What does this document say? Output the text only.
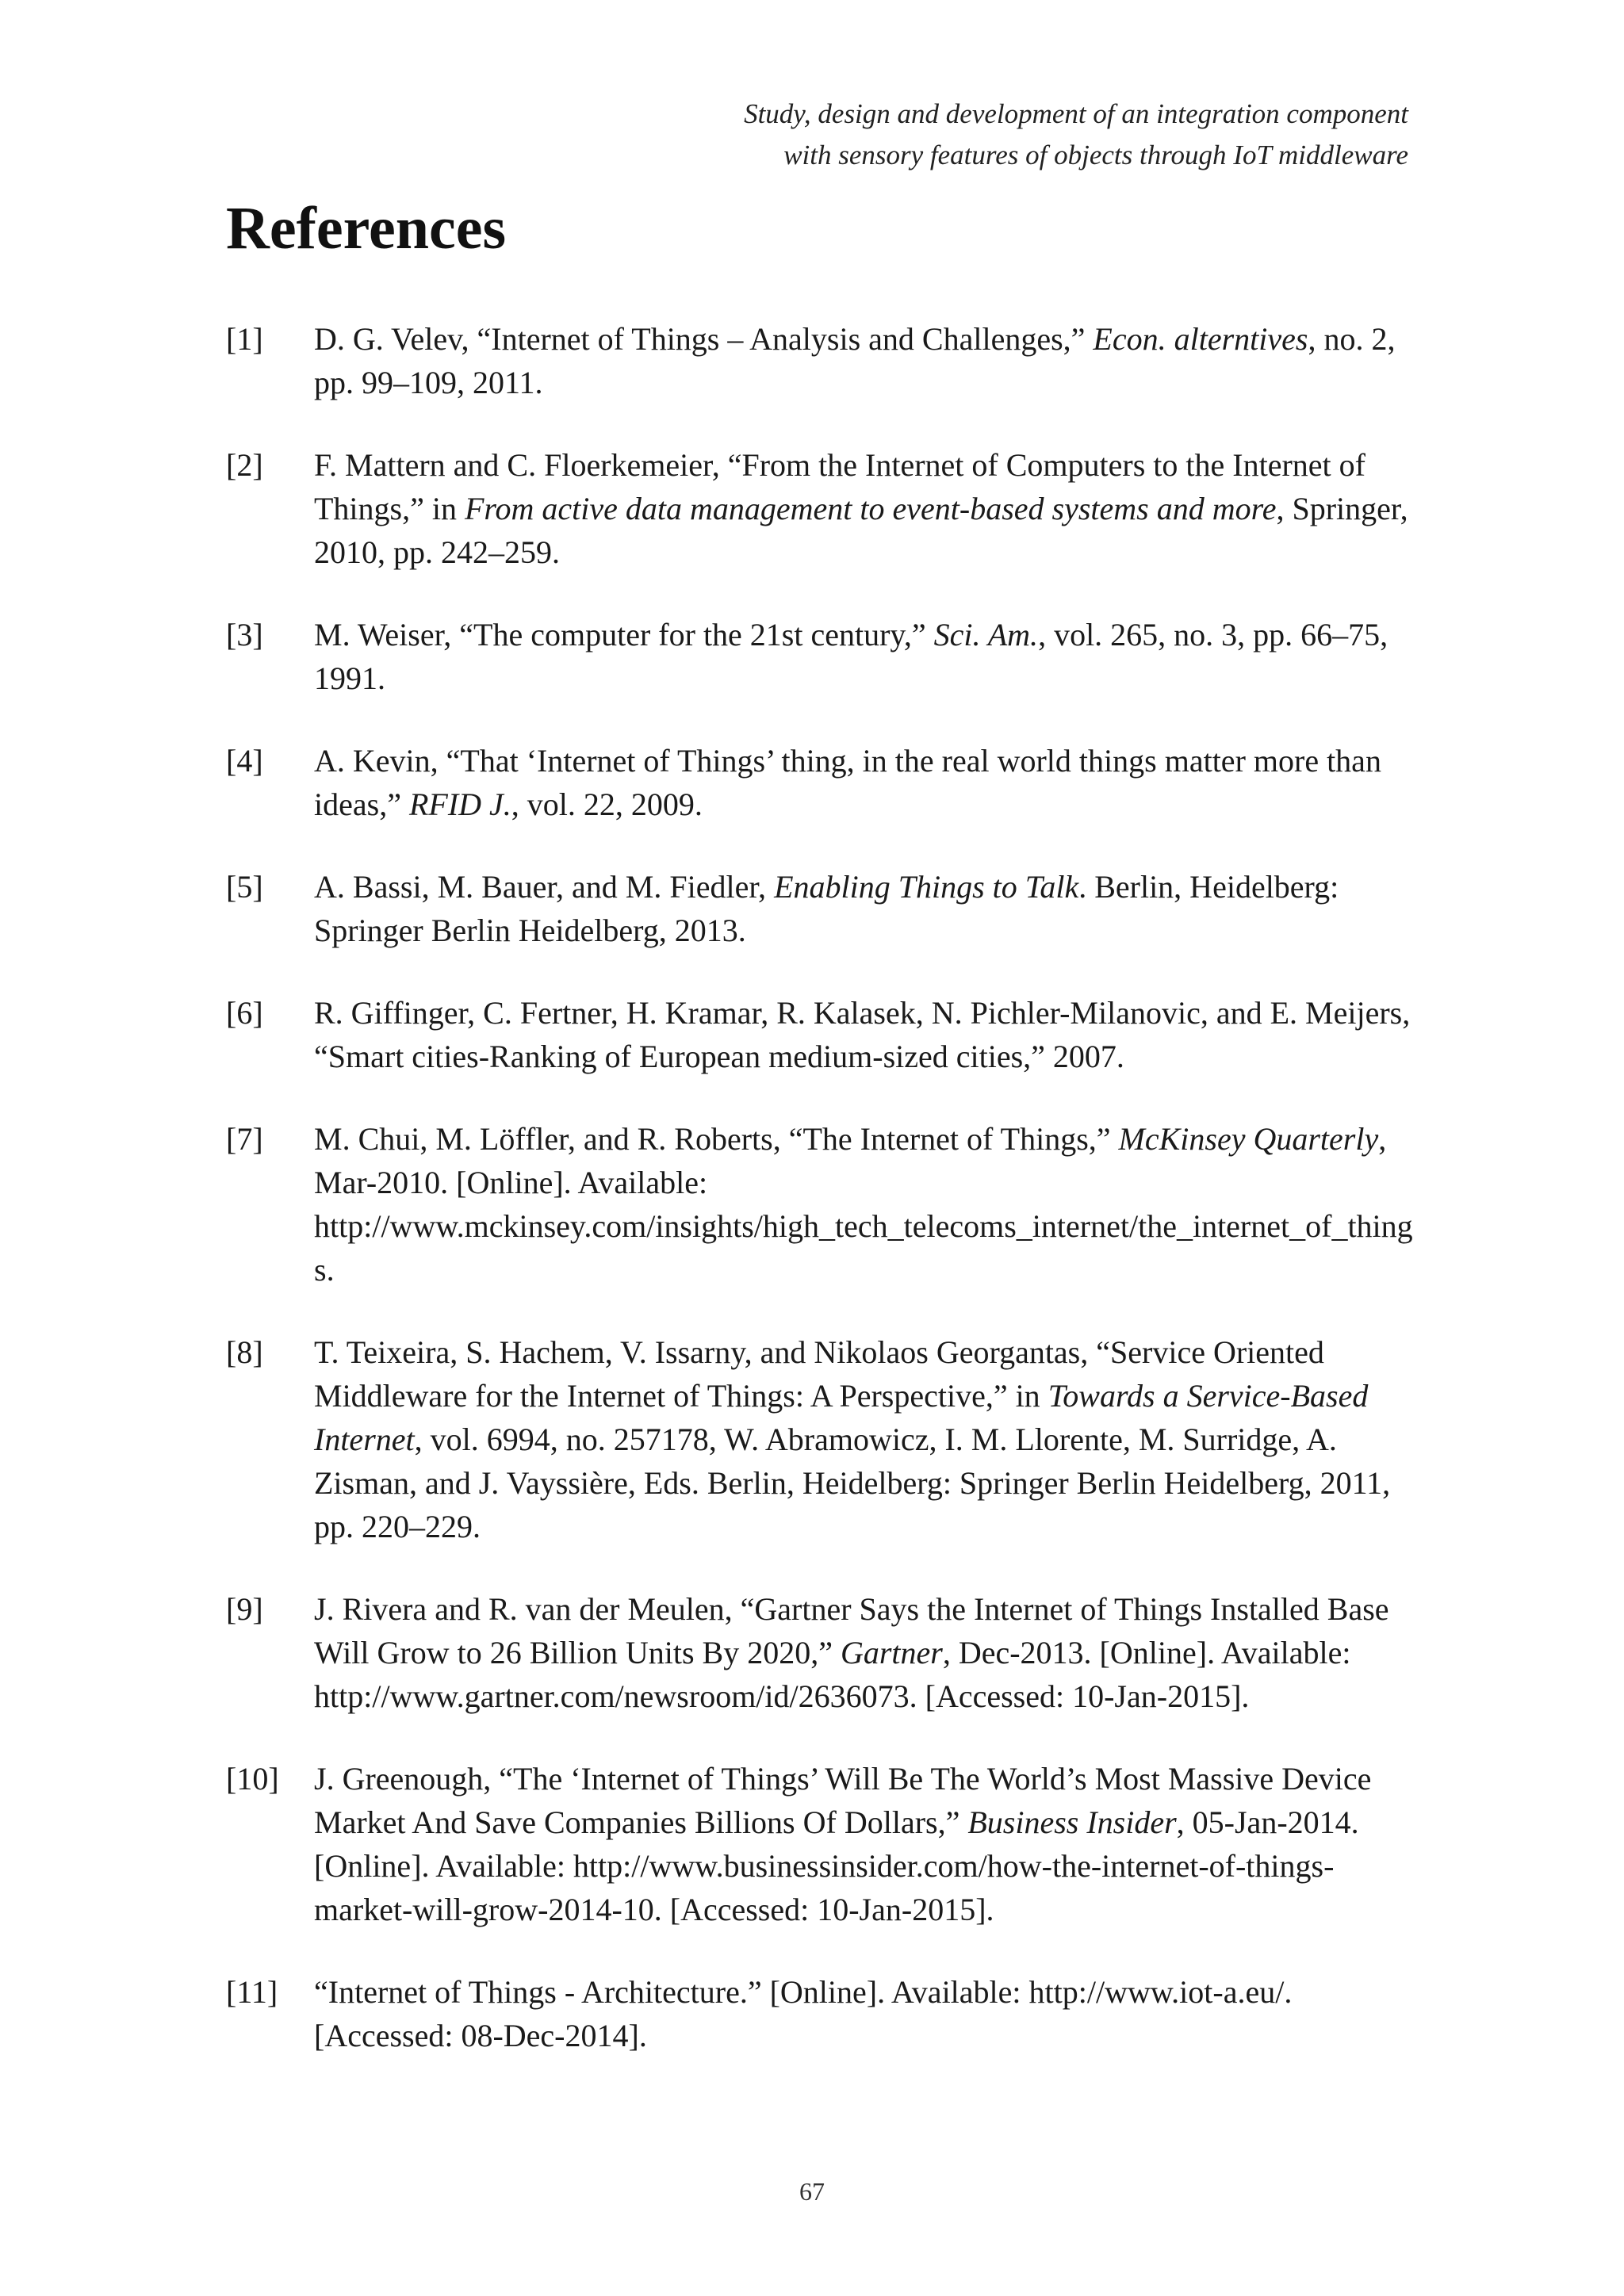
Study, design and development of an integration component
with sensory features of objects through IoT middleware
References
[1] D. G. Velev, “Internet of Things – Analysis and Challenges,” Econ. alterntives, no. 2, pp. 99–109, 2011.
[2] F. Mattern and C. Floerkemeier, “From the Internet of Computers to the Internet of Things,” in From active data management to event-based systems and more, Springer, 2010, pp. 242–259.
[3] M. Weiser, “The computer for the 21st century,” Sci. Am., vol. 265, no. 3, pp. 66–75, 1991.
[4] A. Kevin, “That ‘Internet of Things’ thing, in the real world things matter more than ideas,” RFID J., vol. 22, 2009.
[5] A. Bassi, M. Bauer, and M. Fiedler, Enabling Things to Talk. Berlin, Heidelberg: Springer Berlin Heidelberg, 2013.
[6] R. Giffinger, C. Fertner, H. Kramar, R. Kalasek, N. Pichler-Milanovic, and E. Meijers, “Smart cities-Ranking of European medium-sized cities,” 2007.
[7] M. Chui, M. Löffler, and R. Roberts, “The Internet of Things,” McKinsey Quarterly, Mar-2010. [Online]. Available:
http://www.mckinsey.com/insights/high_tech_telecoms_internet/the_internet_of_things.
[8] T. Teixeira, S. Hachem, V. Issarny, and Nikolaos Georgantas, “Service Oriented Middleware for the Internet of Things: A Perspective,” in Towards a Service-Based Internet, vol. 6994, no. 257178, W. Abramowicz, I. M. Llorente, M. Surridge, A. Zisman, and J. Vayssière, Eds. Berlin, Heidelberg: Springer Berlin Heidelberg, 2011, pp. 220–229.
[9] J. Rivera and R. van der Meulen, “Gartner Says the Internet of Things Installed Base Will Grow to 26 Billion Units By 2020,” Gartner, Dec-2013. [Online]. Available: http://www.gartner.com/newsroom/id/2636073. [Accessed: 10-Jan-2015].
[10] J. Greenough, “The ‘Internet of Things’ Will Be The World’s Most Massive Device Market And Save Companies Billions Of Dollars,” Business Insider, 05-Jan-2014. [Online]. Available: http://www.businessinsider.com/how-the-internet-of-things-market-will-grow-2014-10. [Accessed: 10-Jan-2015].
[11] “Internet of Things - Architecture.” [Online]. Available: http://www.iot-a.eu/. [Accessed: 08-Dec-2014].
67
